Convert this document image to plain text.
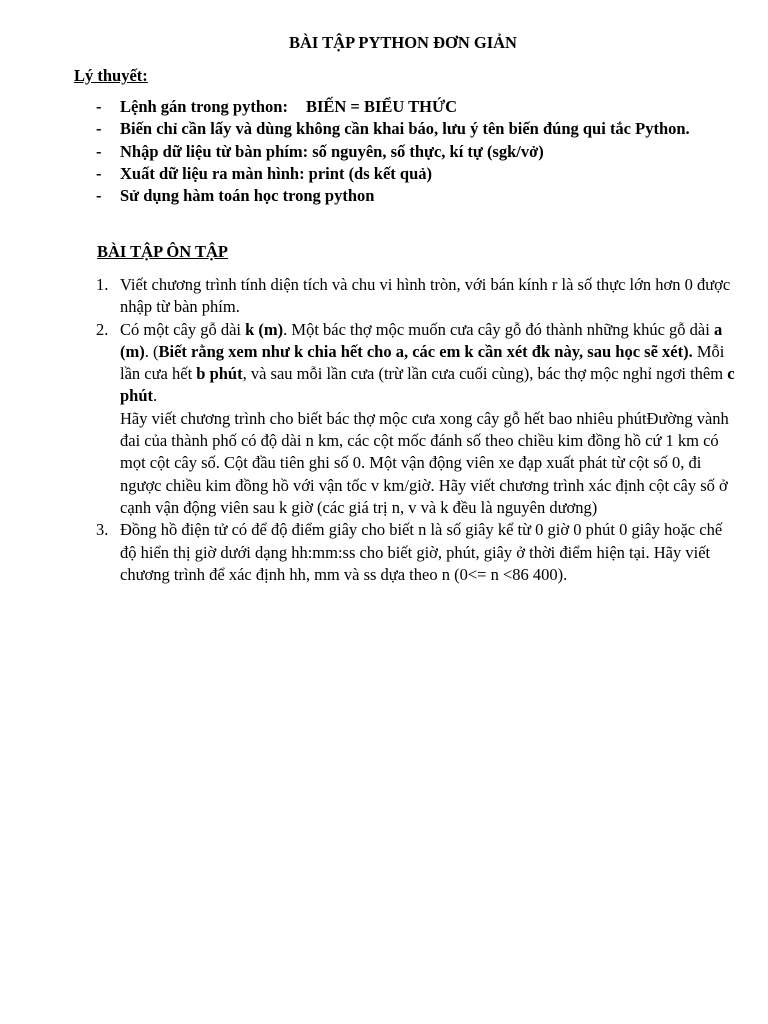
BÀI TẬP PYTHON ĐƠN GIẢN
Lý thuyết:
- Lệnh gán trong python: BIẾN = BIỂU THỨC
- Biến chỉ cần lấy và dùng không cần khai báo, lưu ý tên biến đúng qui tắc Python.
- Nhập dữ liệu từ bàn phím: số nguyên, số thực, kí tự (sgk/vở)
- Xuất dữ liệu ra màn hình: print (ds kết quả)
- Sử dụng hàm toán học trong python
BÀI TẬP ÔN TẬP
1. Viết chương trình tính diện tích và chu vi hình tròn, với bán kính r là số thực lớn hơn 0 được nhập từ bàn phím.
2. Có một cây gỗ dài k (m). Một bác thợ mộc muốn cưa cây gỗ đó thành những khúc gỗ dài a (m). (Biết rằng xem như k chia hết cho a, các em k cần xét đk này, sau học sẽ xét). Mỗi lần cưa hết b phút, và sau mỗi lần cưa (trừ lần cưa cuối cùng), bác thợ mộc nghỉ ngơi thêm c phút.
Hãy viết chương trình cho biết bác thợ mộc cưa xong cây gỗ hết bao nhiêu phútĐường vành đai của thành phố có độ dài n km, các cột mốc đánh số theo chiều kim đồng hồ cứ 1 km có mọt cột cây số. Cột đầu tiên ghi số 0. Một vận động viên xe đạp xuất phát từ cột số 0, đi ngược chiều kim đồng hồ với vận tốc v km/giờ. Hãy viết chương trình xác định cột cây số ở cạnh vận động viên sau k giờ (các giá trị n, v và k đều là nguyên dương)
3. Đồng hồ điện tử có để độ điểm giây cho biết n là số giây kể từ 0 giờ 0 phút 0 giây hoặc chế độ hiển thị giờ dưới dạng hh:mm:ss cho biết giờ, phút, giây ở thời điểm hiện tại. Hãy viết chương trình để xác định hh, mm và ss dựa theo n (0<= n <86 400).
